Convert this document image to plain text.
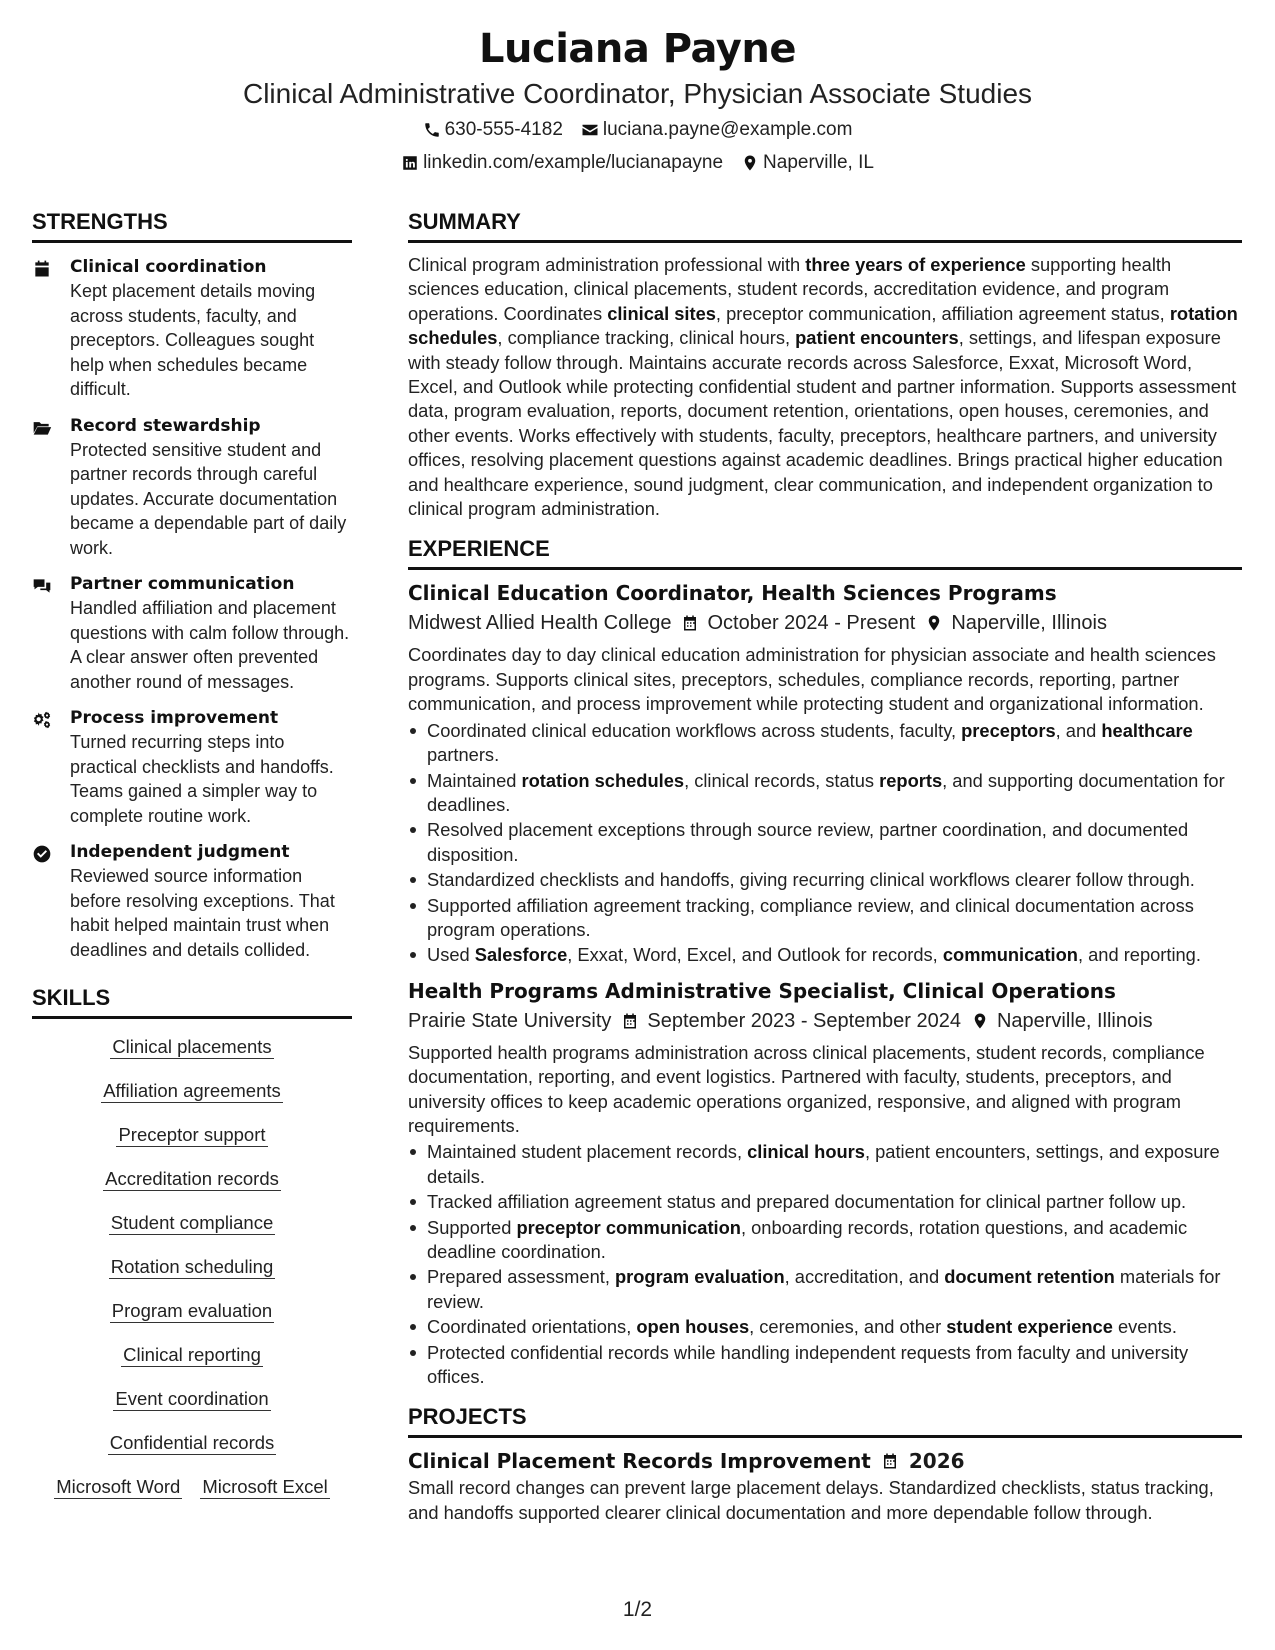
Luciana Payne
Clinical Administrative Coordinator, Physician Associate Studies
630-555-4182 luciana.payne@example.com
linkedin.com/example/lucianapayne Naperville, IL
STRENGTHS
Clinical coordination
Kept placement details moving across students, faculty, and preceptors. Colleagues sought help when schedules became difficult.
Record stewardship
Protected sensitive student and partner records through careful updates. Accurate documentation became a dependable part of daily work.
Partner communication
Handled affiliation and placement questions with calm follow through. A clear answer often prevented another round of messages.
Process improvement
Turned recurring steps into practical checklists and handoffs. Teams gained a simpler way to complete routine work.
Independent judgment
Reviewed source information before resolving exceptions. That habit helped maintain trust when deadlines and details collided.
SKILLS
Clinical placements
Affiliation agreements
Preceptor support
Accreditation records
Student compliance
Rotation scheduling
Program evaluation
Clinical reporting
Event coordination
Confidential records
Microsoft Word Microsoft Excel
SUMMARY
Clinical program administration professional with three years of experience supporting health sciences education, clinical placements, student records, accreditation evidence, and program operations. Coordinates clinical sites, preceptor communication, affiliation agreement status, rotation schedules, compliance tracking, clinical hours, patient encounters, settings, and lifespan exposure with steady follow through. Maintains accurate records across Salesforce, Exxat, Microsoft Word, Excel, and Outlook while protecting confidential student and partner information. Supports assessment data, program evaluation, reports, document retention, orientations, open houses, ceremonies, and other events. Works effectively with students, faculty, preceptors, healthcare partners, and university offices, resolving placement questions against academic deadlines. Brings practical higher education and healthcare experience, sound judgment, clear communication, and independent organization to clinical program administration.
EXPERIENCE
Clinical Education Coordinator, Health Sciences Programs
Midwest Allied Health College October 2024 - Present Naperville, Illinois
Coordinates day to day clinical education administration for physician associate and health sciences programs. Supports clinical sites, preceptors, schedules, compliance records, reporting, partner communication, and process improvement while protecting student and organizational information.
Coordinated clinical education workflows across students, faculty, preceptors, and healthcare partners.
Maintained rotation schedules, clinical records, status reports, and supporting documentation for deadlines.
Resolved placement exceptions through source review, partner coordination, and documented disposition.
Standardized checklists and handoffs, giving recurring clinical workflows clearer follow through.
Supported affiliation agreement tracking, compliance review, and clinical documentation across program operations.
Used Salesforce, Exxat, Word, Excel, and Outlook for records, communication, and reporting.
Health Programs Administrative Specialist, Clinical Operations
Prairie State University September 2023 - September 2024 Naperville, Illinois
Supported health programs administration across clinical placements, student records, compliance documentation, reporting, and event logistics. Partnered with faculty, students, preceptors, and university offices to keep academic operations organized, responsive, and aligned with program requirements.
Maintained student placement records, clinical hours, patient encounters, settings, and exposure details.
Tracked affiliation agreement status and prepared documentation for clinical partner follow up.
Supported preceptor communication, onboarding records, rotation questions, and academic deadline coordination.
Prepared assessment, program evaluation, accreditation, and document retention materials for review.
Coordinated orientations, open houses, ceremonies, and other student experience events.
Protected confidential records while handling independent requests from faculty and university offices.
PROJECTS
Clinical Placement Records Improvement 2026
Small record changes can prevent large placement delays. Standardized checklists, status tracking, and handoffs supported clearer clinical documentation and more dependable follow through.
1/2
